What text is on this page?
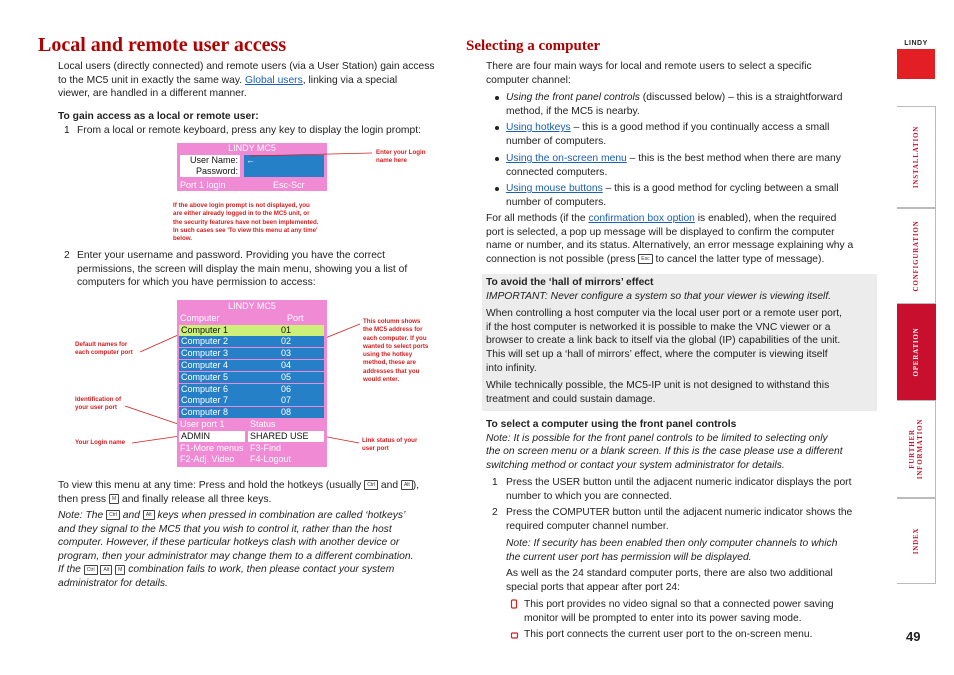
Local and remote user access	LINDY
Local users (directly connected) and remote users (via a User Station) gain access
to the MC5 unit in exactly the same way. Global users, linking via a special
viewer, are handled in a different manner.
To gain access as a local or remote user:
1 From a local or remote keyboard, press any key to display the login prompt:
LINDY MC5
User Name:
Password:
←
Port 1 login	Esc-Scr Save
Enter your Login
name here
If the above login prompt is not displayed, you
are either already logged in to the MC5 unit, or
the security features have not been implemented.
In such cases see 'To view this menu at any time'
below.
2 Enter your username and password. Providing you have the correct
permissions, the screen will display the main menu, showing you a list of
computers for which you have permission to access:
LINDY MC5
Computer	Port
Computer 1	01
Computer 2	02
Computer 3	03
Computer 4	04
Computer 5	05
Computer 6	06
Computer 7	07
Computer 8	08
User port 1	Status
ADMIN	SHARED USE
F1-More menus F3-Find
F2-Adj. Video F4-Logout
Default names for
each computer port
Identification of
your user port
Your Login name
This column shows
the MC5 address for
each computer. If you
wanted to select ports
using the hotkey
method, these are
addresses that you
would enter.
Link status of your
user port
To view this menu at any time: Press and hold the hotkeys (usually Ctrl and Alt ),
then press M and finally release all three keys.
Note: The Ctrl and Alt keys when pressed in combination are called ‘hotkeys’
and they signal to the MC5 that you wish to control it, rather than the host
computer. However, if these particular hotkeys clash with another device or
program, then your administrator may change them to a different combination.
If the Ctrl Alt M combination fails to work, then please contact your system
administrator for details.
Selecting a computer
There are four main ways for local and remote users to select a specific
computer channel:
Using the front panel controls (discussed below) – this is a straightforward
method, if the MC5 is nearby.
Using hotkeys – this is a good method if you continually access a small
number of computers.
Using the on-screen menu – this is the best method when there are many
connected computers.
Using mouse buttons – this is a good method for cycling between a small
number of computers.
For all methods (if the confirmation box option is enabled), when the required
port is selected, a pop up message will be displayed to confirm the computer
name or number, and its status. Alternatively, an error message explaining why a
connection is not possible (press Esc to cancel the latter type of message).
To avoid the ‘hall of mirrors’ effect
IMPORTANT: Never configure a system so that your viewer is viewing itself.
When controlling a host computer via the local user port or a remote user port,
if the host computer is networked it is possible to make the VNC viewer or a
browser to create a link back to itself via the global (IP) capabilities of the unit.
This will set up a ‘hall of mirrors’ effect, where the computer is viewing itself
into infinity.
While technically possible, the MC5-IP unit is not designed to withstand this
treatment and could sustain damage.
To select a computer using the front panel controls
Note: It is possible for the front panel controls to be limited to selecting only
the on screen menu or a blank screen. If this is the case please use a different
switching method or contact your system administrator for details.
1 Press the USER button until the adjacent numeric indicator displays the port
number to which you are connected.
2 Press the COMPUTER button until the adjacent numeric indicator shows the
required computer channel number.
Note: If security has been enabled then only computer channels to which
the current user port has permission will be displayed.
As well as the 24 standard computer ports, there are also two additional
special ports that appear after port 24:
This port provides no video signal so that a connected power saving
monitor will be prompted to enter into its power saving mode.
This port connects the current user port to the on-screen menu.	49
INSTALLATION
CONFIGURATION
OPERATION
FURTHER INFORMATION
INDEX
